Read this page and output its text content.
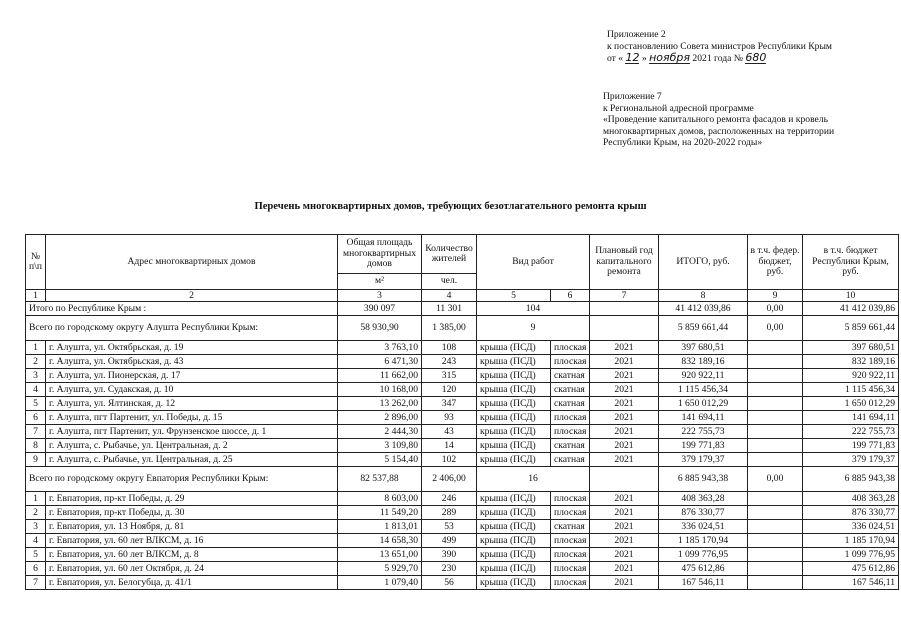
Приложение 2
к постановлению Совета министров Республики Крым
от « 12 » ноября 2021 года № 680
Приложение 7
к Региональной адресной программе
«Проведение капитального ремонта фасадов и кровель
многоквартирных домов, расположенных на территории
Республики Крым, на 2020-2022 годы»
Перечень многоквартирных домов, требующих безотлагательного ремонта крыш
№ п\п	Адрес многоквартирных домов	Общая площадь многоквартирных домов	Количество жителей	Вид работ		Плановый год капитального ремонта	ИТОГО, руб.	в т.ч. федер. бюджет, руб.	в т.ч. бюджет Республики Крым, руб.
		м²	чел.						
1	2	3	4	5	6	7	8	9	10
Итого по Республике Крым :		390 097	11 301	104			41 412 039,86	0,00	41 412 039,86
Всего по городскому округу Алушта Республики Крым:		58 930,90	1 385,00	9			5 859 661,44	0,00	5 859 661,44
1	г. Алушта, ул. Октябрьская, д. 19	3 763,10	108	крыша (ПСД)	плоская	2021	397 680,51		397 680,51
2	г. Алушта, ул. Октябрьская, д. 43	6 471,30	243	крыша (ПСД)	плоская	2021	832 189,16		832 189,16
3	г. Алушта, ул. Пионерская, д. 17	11 662,00	315	крыша (ПСД)	скатная	2021	920 922,11		920 922,11
4	г. Алушта, ул. Судакская, д. 10	10 168,00	120	крыша (ПСД)	скатная	2021	1 115 456,34		1 115 456,34
5	г. Алушта, ул. Ялтинская, д. 12	13 262,00	347	крыша (ПСД)	скатная	2021	1 650 012,29		1 650 012,29
6	г. Алушта, пгт Партенит, ул. Победы, д. 15	2 896,00	93	крыша (ПСД)	плоская	2021	141 694,11		141 694,11
7	г. Алушта, пгт Партенит, ул. Фрунзенское шоссе, д. 1	2 444,30	43	крыша (ПСД)	плоская	2021	222 755,73		222 755,73
8	г. Алушта, с. Рыбачье, ул. Центральная, д. 2	3 109,80	14	крыша (ПСД)	скатная	2021	199 771,83		199 771,83
9	г. Алушта, с. Рыбачье, ул. Центральная, д. 25	5 154,40	102	крыша (ПСД)	скатная	2021	379 179,37		379 179,37
Всего по городскому округу Евпатория Республики Крым:		82 537,88	2 406,00	16			6 885 943,38	0,00	6 885 943,38
1	г. Евпатория, пр-кт Победы, д. 29	8 603,00	246	крыша (ПСД)	плоская	2021	408 363,28		408 363,28
2	г. Евпатория, пр-кт Победы, д. 30	11 549,20	289	крыша (ПСД)	плоская	2021	876 330,77		876 330,77
3	г. Евпатория, ул. 13 Ноября, д. 81	1 813,01	53	крыша (ПСД)	скатная	2021	336 024,51		336 024,51
4	г. Евпатория, ул. 60 лет ВЛКСМ, д. 16	14 658,30	499	крыша (ПСД)	плоская	2021	1 185 170,94		1 185 170,94
5	г. Евпатория, ул. 60 лет ВЛКСМ, д. 8	13 651,00	390	крыша (ПСД)	плоская	2021	1 099 776,95		1 099 776,95
6	г. Евпатория, ул. 60 лет Октября, д. 24	5 929,70	230	крыша (ПСД)	плоская	2021	475 612,86		475 612,86
7	г. Евпатория, ул. Белогубца, д. 41/1	1 079,40	56	крыша (ПСД)	плоская	2021	167 546,11		167 546,11
